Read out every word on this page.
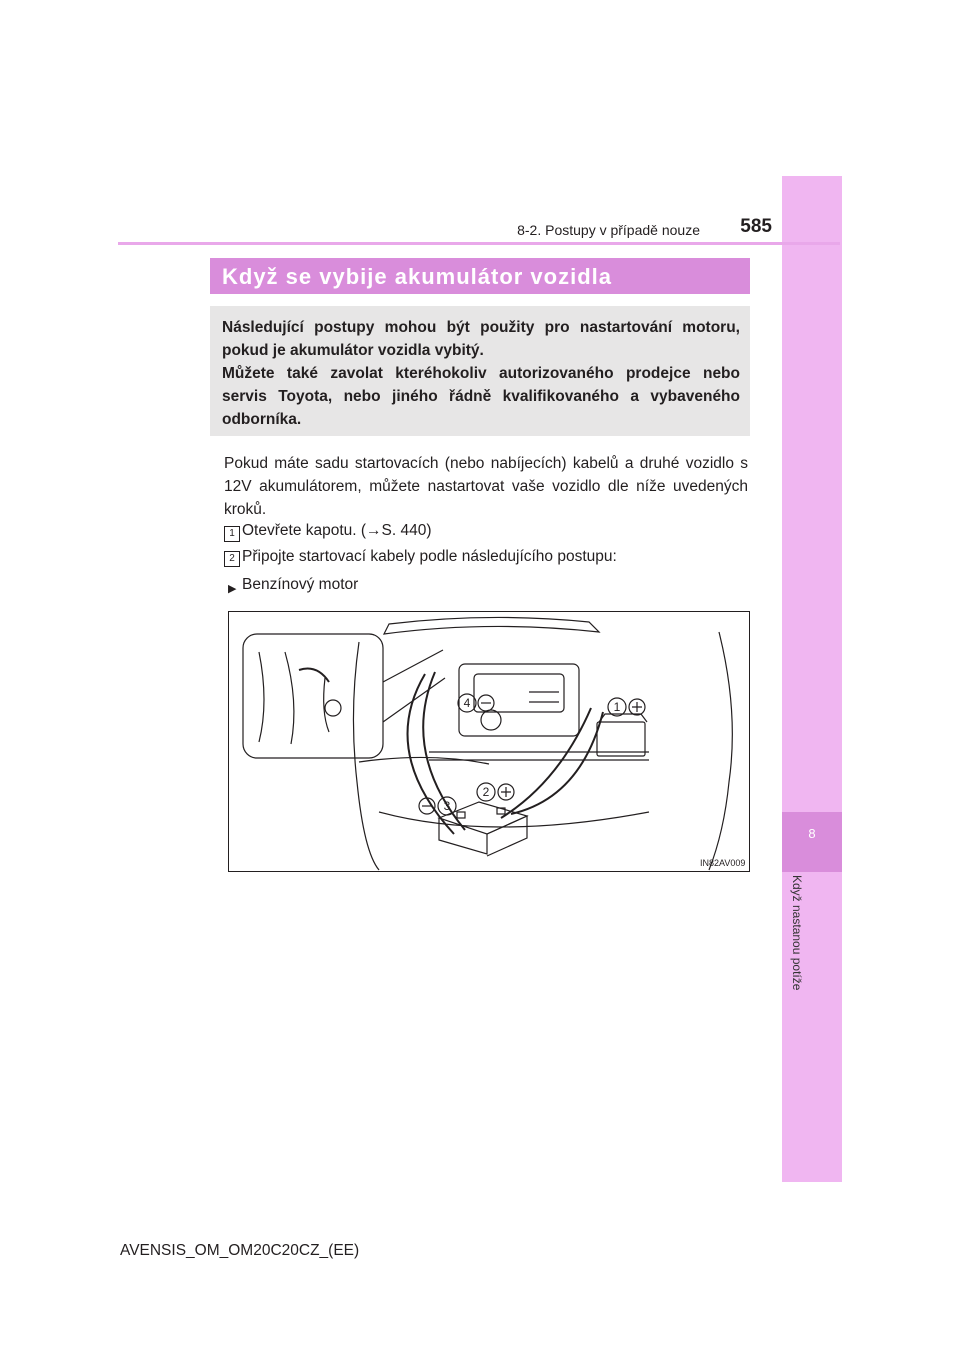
8
Když nastanou potíže
8-2. Postupy v případě nouze	585
Když se vybije akumulátor vozidla

Následující postupy mohou být použity pro nastartování motoru, pokud je akumulátor vozidla vybitý.

Můžete také zavolat kteréhokoliv autorizovaného prodejce nebo servis Toyota, nebo jiného řádně kvalifikovaného a vybaveného odborníka.

Pokud máte sadu startovacích (nebo nabíjecích) kabelů a druhé vozidlo s 12V akumulátorem, můžete nastartovat vaše vozidlo dle níže uvedených kroků.

1 Otevřete kapotu. (→S. 440)
2 Připojte startovací kabely podle následujícího postupu:
▶ Benzínový motor
1
2
3
4
IN82AV009
AVENSIS_OM_OM20C20CZ_(EE)
